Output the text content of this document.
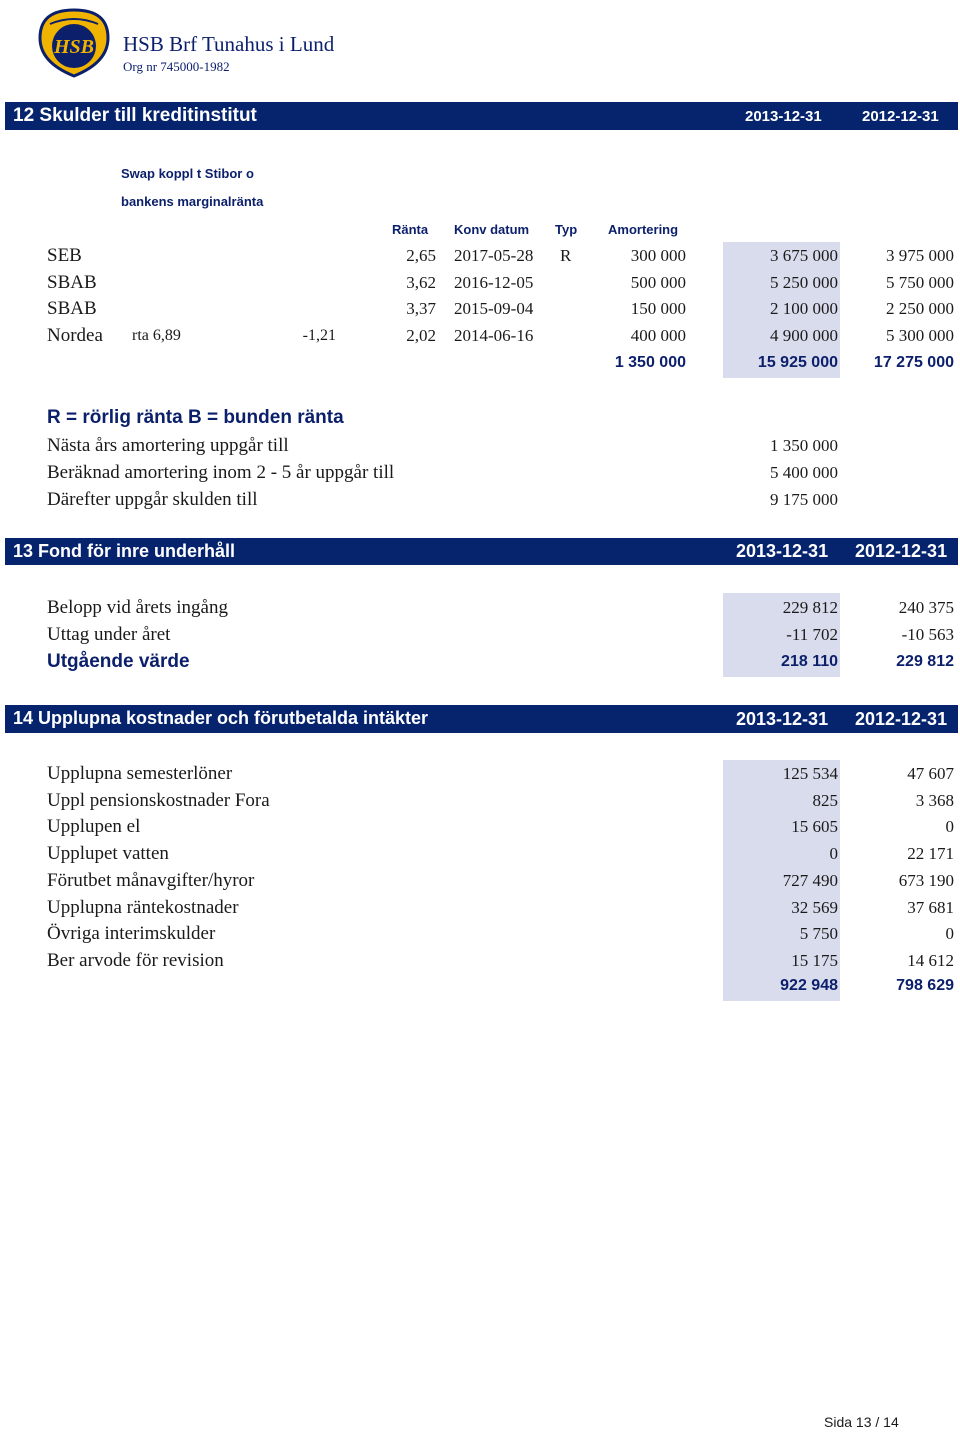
HSB HSB Brf Tunahus i Lund
Org nr 745000-1982
12 Skulder till kreditinstitut	2013-12-31	2012-12-31
Swap koppl t Stibor o
bankens marginalränta
Ränta Konv datum Typ Amortering
SEB	2,65 2017-05-28 R	300 000	3 675 000	3 975 000
SBAB	3,62 2016-12-05	500 000	5 250 000	5 750 000
SBAB	3,37 2015-09-04	150 000	2 100 000	2 250 000
Nordea rta 6,89	-1,21	2,02 2014-06-16	400 000	4 900 000	5 300 000
1 350 000	15 925 000	17 275 000
R = rörlig ränta B = bunden ränta
Nästa års amortering uppgår till	1 350 000
Beräknad amortering inom 2 - 5 år uppgår till	5 400 000
Därefter uppgår skulden till	9 175 000
13 Fond för inre underhåll	2013-12-31 2012-12-31
Belopp vid årets ingång	229 812	240 375
Uttag under året	-11 702	-10 563
Utgående värde	218 110	229 812
14 Upplupna kostnader och förutbetalda intäkter	2013-12-31 2012-12-31
Upplupna semesterlöner	125 534	47 607
Uppl pensionskostnader Fora	825	3 368
Upplupen el	15 605	0
Upplupet vatten	0	22 171
Förutbet månavgifter/hyror	727 490	673 190
Upplupna räntekostnader	32 569	37 681
Övriga interimskulder	5 750	0
Ber arvode för revision	15 175	14 612
922 948	798 629
Sida 13 / 14
